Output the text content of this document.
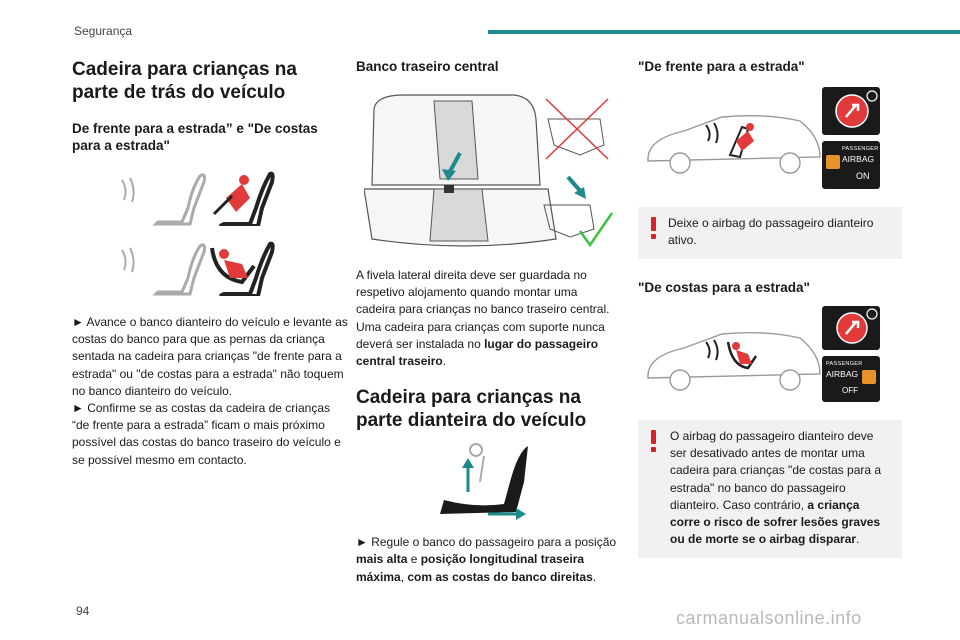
Segurança
Cadeira para crianças na parte de trás do veículo
De frente para a estrada” e "De costas para a estrada"

► Avance o banco dianteiro do veículo e levante as costas do banco para que as pernas da criança sentada na cadeira para crianças "de frente para a estrada" ou "de costas para a estrada" não toquem no banco dianteiro do veículo.

► Confirme se as costas da cadeira de crianças “de frente para a estrada” ficam o mais próximo possível das costas do banco traseiro do veículo e se possível mesmo em contacto.

Banco traseiro central

A fivela lateral direita deve ser guardada no respetivo alojamento quando montar uma cadeira para crianças no banco traseiro central. Uma cadeira para crianças com suporte nunca deverá ser instalada no lugar do passageiro central traseiro.

Cadeira para crianças na parte dianteira do veículo

► Regule o banco do passageiro para a posição mais alta e posição longitudinal traseira máxima, com as costas do banco direitas.

"De frente para a estrada"
PASSENGER
AIRBAG
ON
Deixe o airbag do passageiro dianteiro ativo.
"De costas para a estrada"
PASSENGER
AIRBAG
OFF

O airbag do passageiro dianteiro deve ser desativado antes de montar uma cadeira para crianças "de costas para a estrada" no banco do passageiro dianteiro. Caso contrário, a criança corre o risco de sofrer lesões graves ou de morte se o airbag disparar.

94	carmanualsonline.info
